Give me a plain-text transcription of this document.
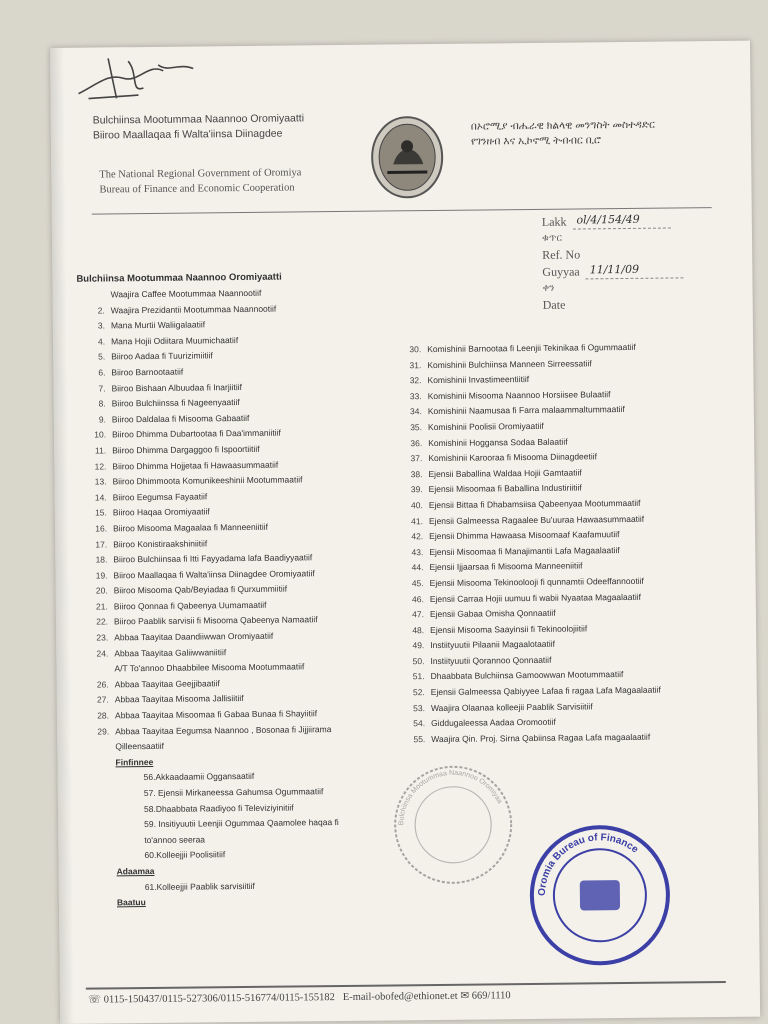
Bulchiinsa Mootummaa Naannoo Oromiyaatti
Biiroo Maallaqaa fi Walta'iinsa Diinagdee
The National Regional Government of Oromiya
Bureau of Finance and Economic Cooperation
በኦሮሚያ ብሔራዊ ክልላዊ መንግስት መስተዳድር
የገንዘብ እና ኢኮኖሚ ትብብር ቢሮ
Lakk ol/4/154/49
ቁጥር
Ref. No
Guyyaa 11/11/09
ቀን
Date
Bulchiinsa Mootummaa Naannoo Oromiyaatti
Waajira Caffee Mootummaa Naannootiif
2. Waajira Prezidantii Mootummaa Naannootiif
3. Mana Murtii Waliigalaatiif
4. Mana Hojii Odiitara Muumichaatiif
5. Biiroo Aadaa fi Tuurizimiitiif
6. Biiroo Barnootaatiif
7. Biiroo Bishaan Albuudaa fi Inarjiitiif
8. Biiroo Bulchiinssa fi Nageenyaatiif
9. Biiroo Daldalaa fi Misooma Gabaatiif
10. Biiroo Dhimma Dubartootaa fi Daa'immaniitiif
11. Biiroo Dhimma Dargaggoo fi Ispoortiitiif
12. Biiroo Dhimma Hojjetaa fi Hawaasummaatiif
13. Biiroo Dhimmoota Komunikeeshinii Mootummaatiif
14. Biiroo Eegumsa Fayaatiif
15. Biiroo Haqaa Oromiyaatiif
16. Biiroo Misooma Magaalaa fi Manneeniitiif
17. Biiroo Konistiraakshiniitiif
18. Biiroo Bulchiinsaa fi Itti Fayyadama lafa Baadiyyaatiif
19. Biiroo Maallaqaa fi Walta'iinsa Diinagdee Oromiyaatiif
20. Biiroo Misooma Qab/Beyiadaa fi Qurxummiitiif
21. Biiroo Qonnaa fi Qabeenya Uumamaatiif
22. Biiroo Paablik sarvisii fi Misooma Qabeenya Namaatiif
23. Abbaa Taayitaa Daandiiwwan Oromiyaatiif
24. Abbaa Taayitaa Galiiwwaniitiif
A/T To'annoo Dhaabbilee Misooma Mootummaatiif
26. Abbaa Taayitaa Geejjibaatiif
27. Abbaa Taayitaa Misooma Jallisiitiif
28. Abbaa Taayitaa Misoomaa fi Gabaa Bunaa fi Shayiitiif
29. Abbaa Taayitaa Eegumsa Naannoo , Bosonaa fi Jijjiirama
Qilleensaatiif
Finfinnee
56.Akkaadaamii Oggansaatiif
57. Ejensii Mirkaneessa Gahumsa Ogummaatiif
58.Dhaabbata Raadiyoo fi Televiziyinitiif
59. Insitiyuutii Leenjii Ogummaa Qaamolee haqaa fi
to'annoo seeraa
60.Kolleejjii Poolisiitiif
Adaamaa
61.Kolleejjii Paablik sarvisiitiif
Baatuu
30. Komishinii Barnootaa fi Leenjii Tekinikaa fi Ogummaatiif
31. Komishinii Bulchiinsa Manneen Sirreessatiif
32. Komishinii Invastimeentiitiif
33. Komishinii Misooma Naannoo Horsiisee Bulaatiif
34. Komishinii Naamusaa fi Farra malaammaltummaatiif
35. Komishinii Poolisii Oromiyaatiif
36. Komishinii Hoggansa Sodaa Balaatiif
37. Komishinii Karooraa fi Misooma Diinagdeetiif
38. Ejensii Baballina Waldaa Hojii Gamtaatiif
39. Ejensii Misoomaa fi Baballina Industiriitiif
40. Ejensii Bittaa fi Dhabamsiisa Qabeenyaa Mootummaatiif
41. Ejensii Galmeessa Ragaalee Bu'uuraa Hawaasummaatiif
42. Ejensii Dhimma Hawaasa Misoomaaf Kaafamuutiif
43. Ejensii Misoomaa fi Manajimantii Lafa Magaalaatiif
44. Ejensii Ijjaarsaa fi Misooma Manneeniitiif
45. Ejensii Misooma Tekinoolooji fi qunnamtii Odeeffannootiif
46. Ejensii Carraa Hojii uumuu fi wabii Nyaataa Magaalaatiif
47. Ejensii Gabaa Omisha Qonnaatiif
48. Ejensii Misooma Saayinsii fi Tekinoolojiitiif
49. Instiityuutii Pilaanii Magaalotaatiif
50. Instiityuutii Qorannoo Qonnaatiif
51. Dhaabbata Bulchiinsa Gamoowwan Mootummaatiif
52. Ejensii Galmeessa Qabiyyee Lafaa fi ragaa Lafa Magaalaatiif
53. Waajira Olaanaa kolleejii Paablik Sarvisiitiif
54. Giddugaleessa Aadaa Oromootiif
55. Waajira Qin. Proj. Sirna Qabiinsa Ragaa Lafa magaalaatiif
Bulchiinsa Mootummaa Naannoo Oromiyaa
Oromia Bureau of Finance
☏ 0115-150437/0115-527306/0115-516774/0115-155182 E-mail-obofed@ethionet.et ✉ 669/1110
